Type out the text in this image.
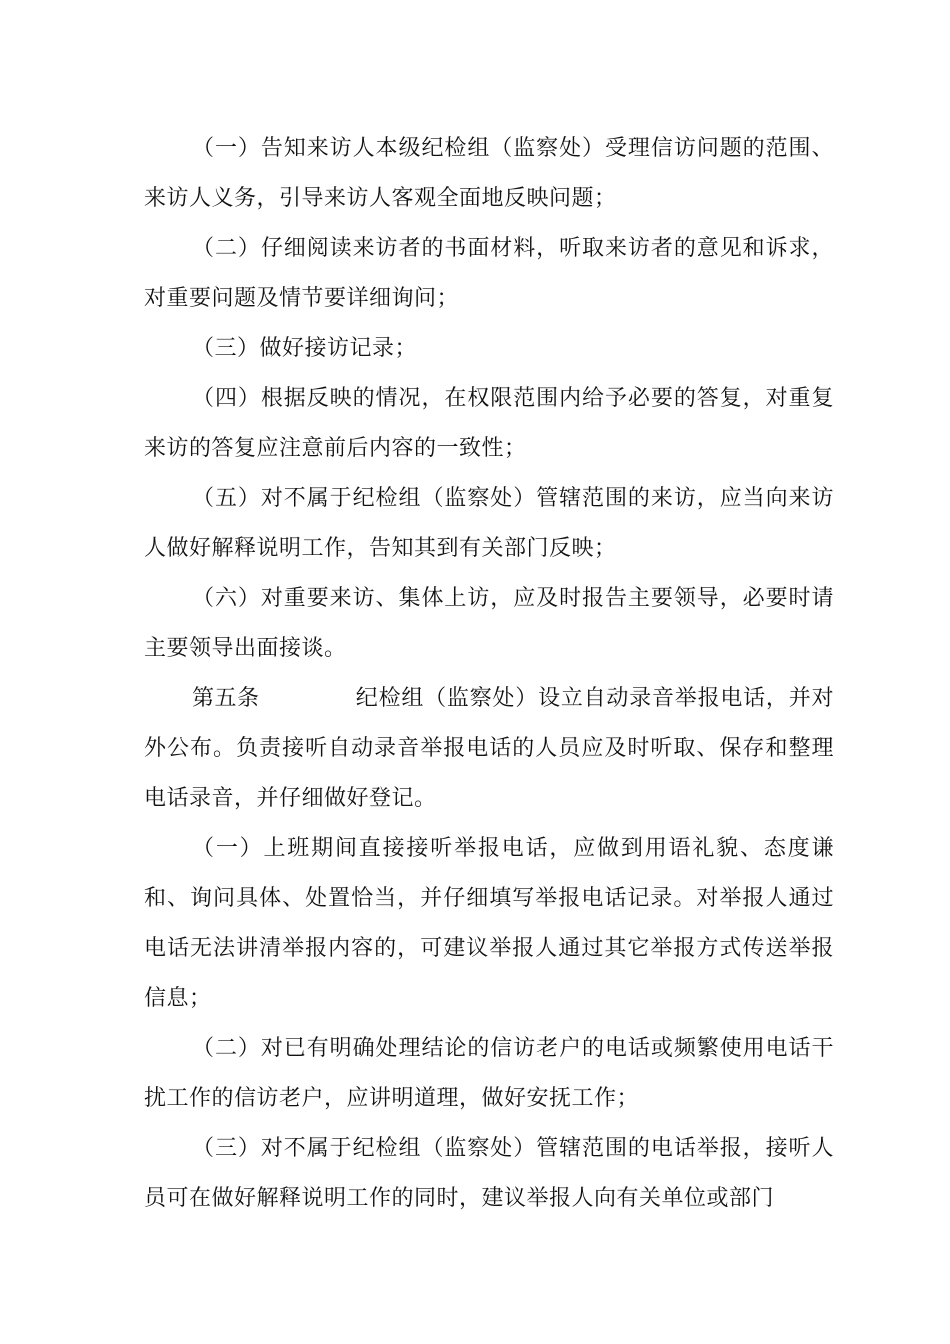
（一）告知来访人本级纪检组（监察处）受理信访问题的范围、来访人义务，引导来访人客观全面地反映问题；

（二）仔细阅读来访者的书面材料，听取来访者的意见和诉求，对重要问题及情节要详细询问；

（三）做好接访记录；

（四）根据反映的情况，在权限范围内给予必要的答复，对重复来访的答复应注意前后内容的一致性；

（五）对不属于纪检组（监察处）管辖范围的来访，应当向来访人做好解释说明工作，告知其到有关部门反映；

（六）对重要来访、集体上访，应及时报告主要领导，必要时请主要领导出面接谈。

第五条	纪检组（监察处）设立自动录音举报电话，并对外公布。负责接听自动录音举报电话的人员应及时听取、保存和整理电话录音，并仔细做好登记。

（一）上班期间直接接听举报电话，应做到用语礼貌、态度谦和、询问具体、处置恰当，并仔细填写举报电话记录。对举报人通过电话无法讲清举报内容的，可建议举报人通过其它举报方式传送举报信息；

（二）对已有明确处理结论的信访老户的电话或频繁使用电话干扰工作的信访老户，应讲明道理，做好安抚工作；

（三）对不属于纪检组（监察处）管辖范围的电话举报，接听人员可在做好解释说明工作的同时，建议举报人向有关单位或部门
